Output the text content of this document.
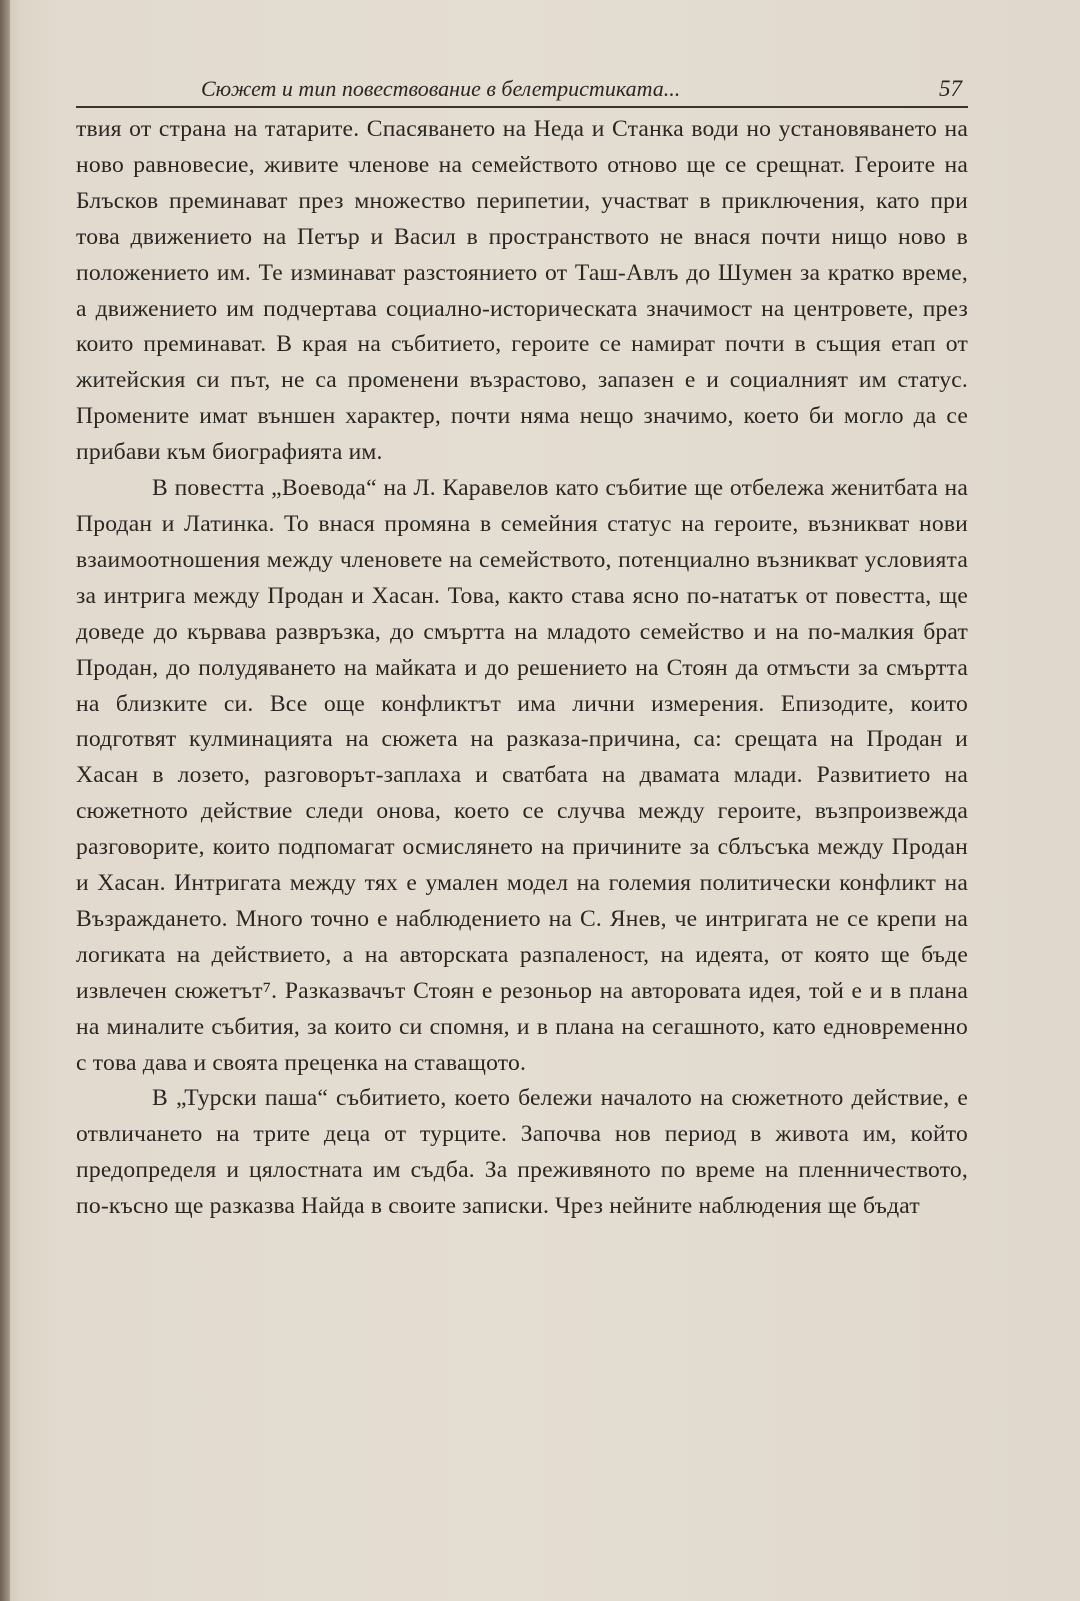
Сюжет и тип повествование в белетристиката...	57

твия от страна на татарите. Спасяването на Неда и Станка води но установяването на ново равновесие, живите членове на семейството отново ще се срещнат. Героите на Блъсков преминават през множество перипетии, участват в приключения, като при това движението на Петър и Васил в пространството не внася почти нищо ново в положението им. Те изминават разстоянието от Таш-Авлъ до Шумен за кратко време, а движението им подчертава социално-историческата значимост на центровете, през които преминават. В края на събитието, героите се намират почти в същия етап от житейския си път, не са променени възрастово, запазен е и социалният им статус. Промените имат външен характер, почти няма нещо значимо, което би могло да се прибави към биографията им.

В повестта „Воевода“ на Л. Каравелов като събитие ще отбележа женитбата на Продан и Латинка. То внася промяна в семейния статус на героите, възникват нови взаимоотношения между членовете на семейството, потенциално възникват условията за интрига между Продан и Хасан. Това, както става ясно по-нататък от повестта, ще доведе до кървава развръзка, до смъртта на младото семейство и на по-малкия брат Продан, до полудяването на майката и до решението на Стоян да отмъсти за смъртта на близките си. Все още конфликтът има лични измерения. Епизодите, които подготвят кулминацията на сюжета на разказа-причина, са: срещата на Продан и Хасан в лозето, разговорът-заплаха и сватбата на двамата млади. Развитието на сюжетното действие следи онова, което се случва между героите, възпроизвежда разговорите, които подпомагат осмислянето на причините за сблъсъка между Продан и Хасан. Интригата между тях е умален модел на големия политически конфликт на Възраждането. Много точно е наблюдението на С. Янев, че интригата не се крепи на логиката на действието, а на авторската разпаленост, на идеята, от която ще бъде извлечен сюжетът⁷. Разказвачът Стоян е резоньор на авторовата идея, той е и в плана на миналите събития, за които си спомня, и в плана на сегашното, като едновременно с това дава и своята преценка на ставащото.

В „Турски паша“ събитието, което бележи началото на сюжетното действие, е отвличането на трите деца от турците. Започва нов период в живота им, който предопределя и цялостната им съдба. За преживяното по време на пленничеството, по-късно ще разказва Найда в своите записки. Чрез нейните наблюдения ще бъдат
